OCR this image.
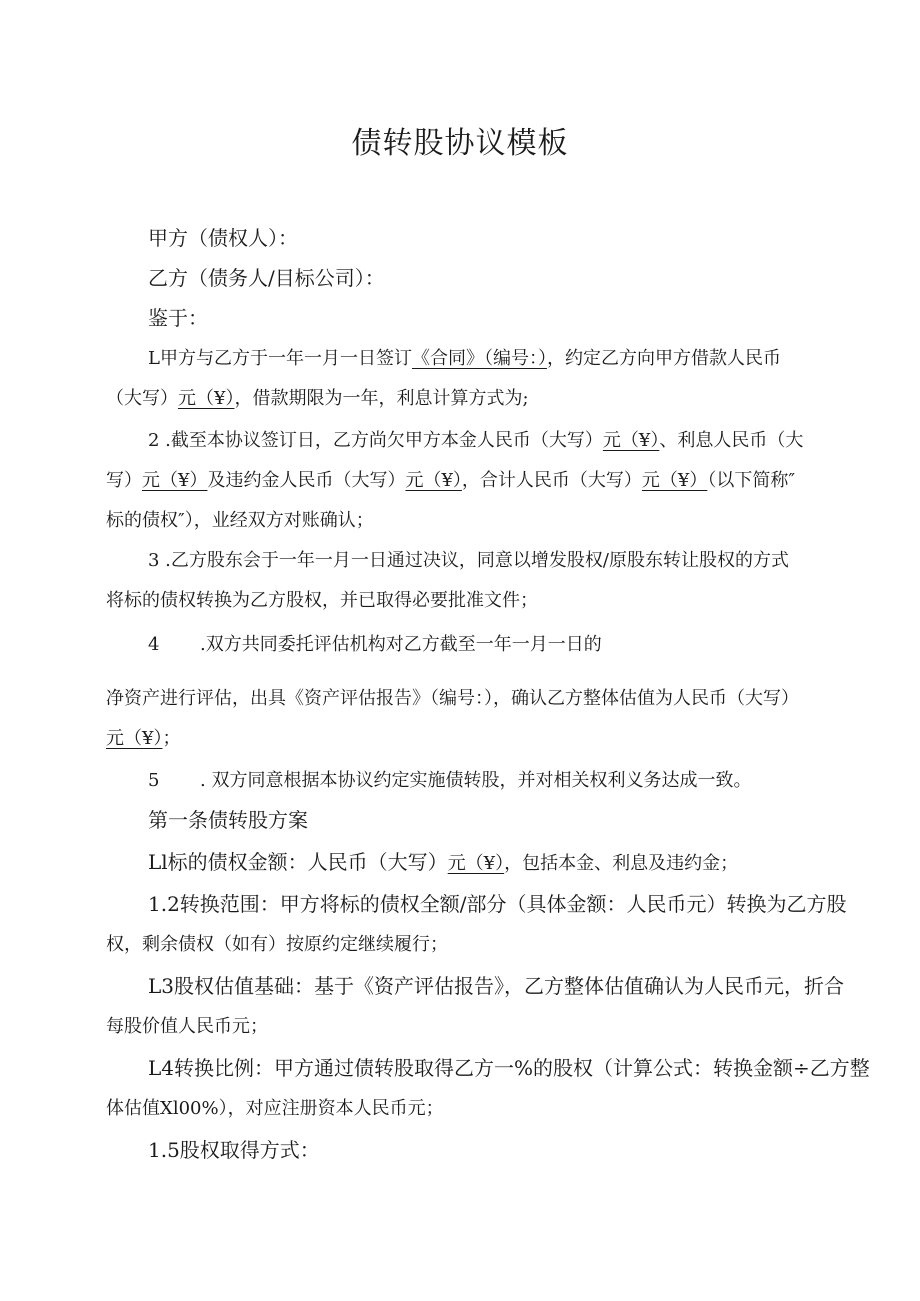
债转股协议模板
甲方（债权人）：
乙方（债务人/目标公司）：
鉴于：
L甲方与乙方于一年一月一日签订《合同》（编号：），约定乙方向甲方借款人民币
（大写）元（¥），借款期限为一年，利息计算方式为;
2 .截至本协议签订日，乙方尚欠甲方本金人民币（大写）元（¥）、利息人民币（大
写）元（¥）及违约金人民币（大写）元（¥），合计人民币（大写）元（¥）（以下简称″
标的债权″），业经双方对账确认；
3 .乙方股东会于一年一月一日通过决议，同意以增发股权/原股东转让股权的方式
将标的债权转换为乙方股权，并已取得必要批准文件；
4 .双方共同委托评估机构对乙方截至一年一月一日的
净资产进行评估，出具《资产评估报告》（编号：），确认乙方整体估值为人民币（大写）
元（¥）；
5 . 双方同意根据本协议约定实施债转股，并对相关权利义务达成一致。
第一条债转股方案
Ll标的债权金额：人民币（大写）元（¥），包括本金、利息及违约金；
1.2转换范围：甲方将标的债权全额/部分（具体金额：人民币元）转换为乙方股
权，剩余债权（如有）按原约定继续履行；
L3股权估值基础：基于《资产评估报告》，乙方整体估值确认为人民币元，折合
每股价值人民币元；
L4转换比例：甲方通过债转股取得乙方一%的股权（计算公式：转换金额÷乙方整
体估值Xl00%），对应注册资本人民币元；
1.5股权取得方式：
